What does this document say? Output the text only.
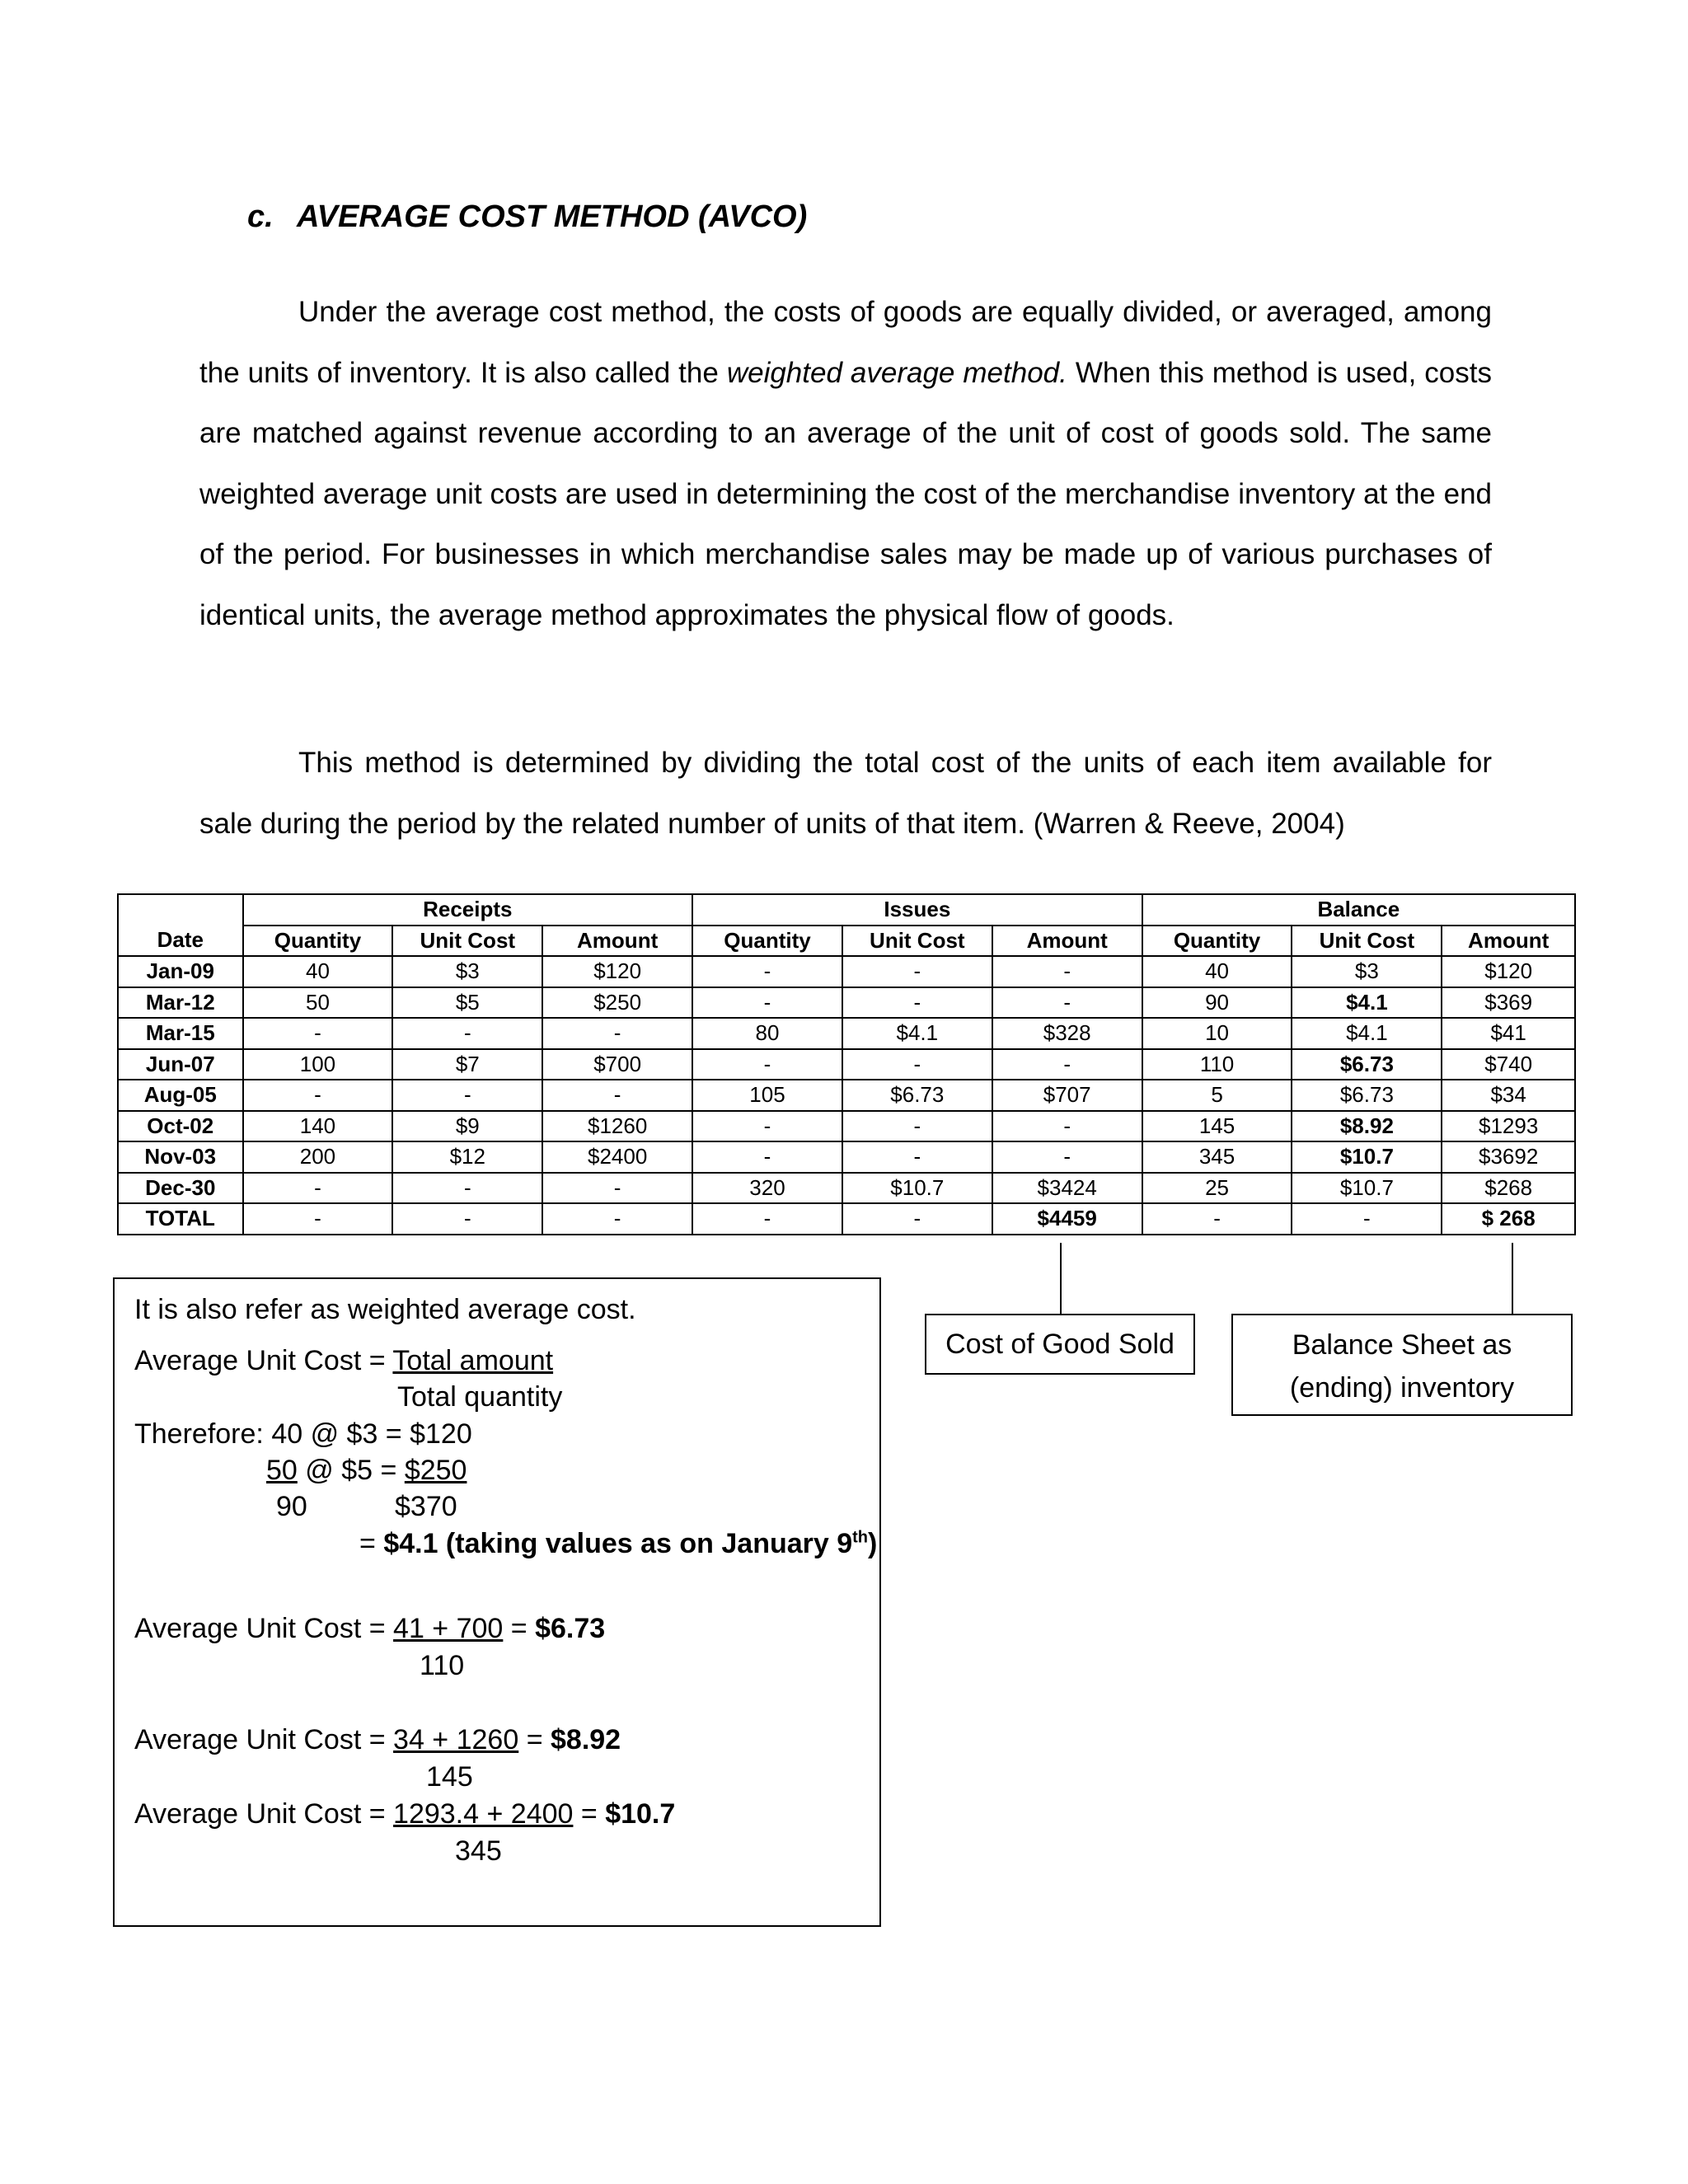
c. AVERAGE COST METHOD (AVCO)
Under the average cost method, the costs of goods are equally divided, or averaged, among the units of inventory. It is also called the weighted average method. When this method is used, costs are matched against revenue according to an average of the unit of cost of goods sold. The same weighted average unit costs are used in determining the cost of the merchandise inventory at the end of the period. For businesses in which merchandise sales may be made up of various purchases of identical units, the average method approximates the physical flow of goods.
This method is determined by dividing the total cost of the units of each item available for sale during the period by the related number of units of that item. (Warren & Reeve, 2004)
	Receipts			Issues			Balance		
Date	Quantity	Unit Cost	Amount	Quantity	Unit Cost	Amount	Quantity	Unit Cost	Amount
Jan-09	40	$3	$120	-	-	-	40	$3	$120
Mar-12	50	$5	$250	-	-	-	90	$4.1	$369
Mar-15	-	-	-	80	$4.1	$328	10	$4.1	$41
Jun-07	100	$7	$700	-	-	-	110	$6.73	$740
Aug-05	-	-	-	105	$6.73	$707	5	$6.73	$34
Oct-02	140	$9	$1260	-	-	-	145	$8.92	$1293
Nov-03	200	$12	$2400	-	-	-	345	$10.7	$3692
Dec-30	-	-	-	320	$10.7	$3424	25	$10.7	$268
TOTAL	-	-	-	-	-	$4459	-	-	$ 268
Cost of Good Sold	Balance Sheet as
(ending) inventory
It is also refer as weighted average cost.
Average Unit Cost = Total amount
Total quantity
Therefore: 40 @ $3 = $120
50 @ $5 = $250
90	$370
= $4.1 (taking values as on January 9th)
Average Unit Cost = 41 + 700 = $6.73
110
Average Unit Cost = 34 + 1260 = $8.92
145
Average Unit Cost = 1293.4 + 2400 = $10.7
345
